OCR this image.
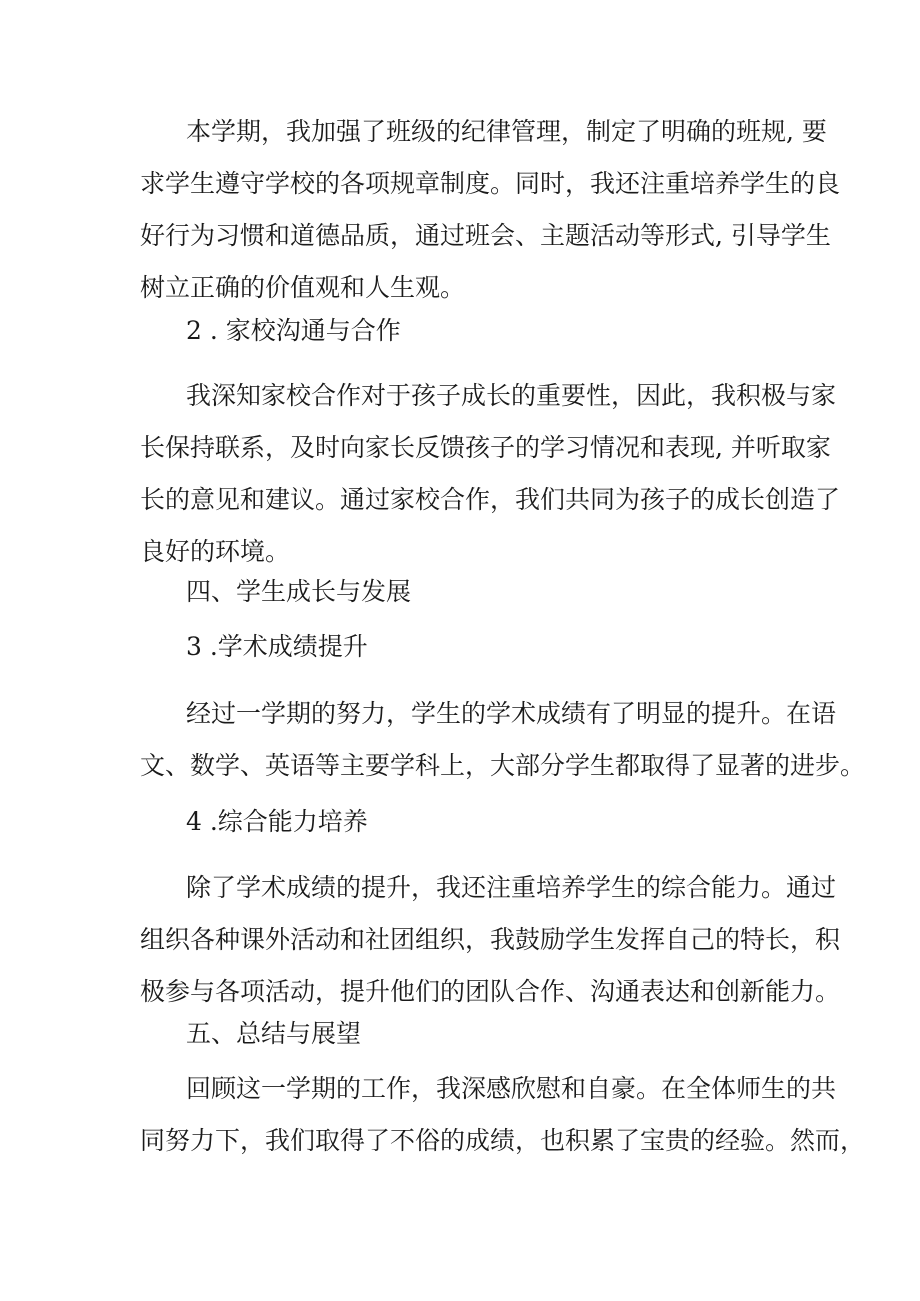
本学期，我加强了班级的纪律管理，制定了明确的班规, 要
求学生遵守学校的各项规章制度。同时，我还注重培养学生的良
好行为习惯和道德品质，通过班会、主题活动等形式, 引导学生
树立正确的价值观和人生观。
2 . 家校沟通与合作
我深知家校合作对于孩子成长的重要性，因此，我积极与家
长保持联系，及时向家长反馈孩子的学习情况和表现, 并听取家
长的意见和建议。通过家校合作，我们共同为孩子的成长创造了
良好的环境。
四、学生成长与发展
3 .学术成绩提升
经过一学期的努力，学生的学术成绩有了明显的提升。在语
文、数学、英语等主要学科上，大部分学生都取得了显著的进步。
4 .综合能力培养
除了学术成绩的提升，我还注重培养学生的综合能力。通过
组织各种课外活动和社团组织，我鼓励学生发挥自己的特长，积
极参与各项活动，提升他们的团队合作、沟通表达和创新能力。
五、总结与展望
回顾这一学期的工作，我深感欣慰和自豪。在全体师生的共
同努力下，我们取得了不俗的成绩，也积累了宝贵的经验。然而，
